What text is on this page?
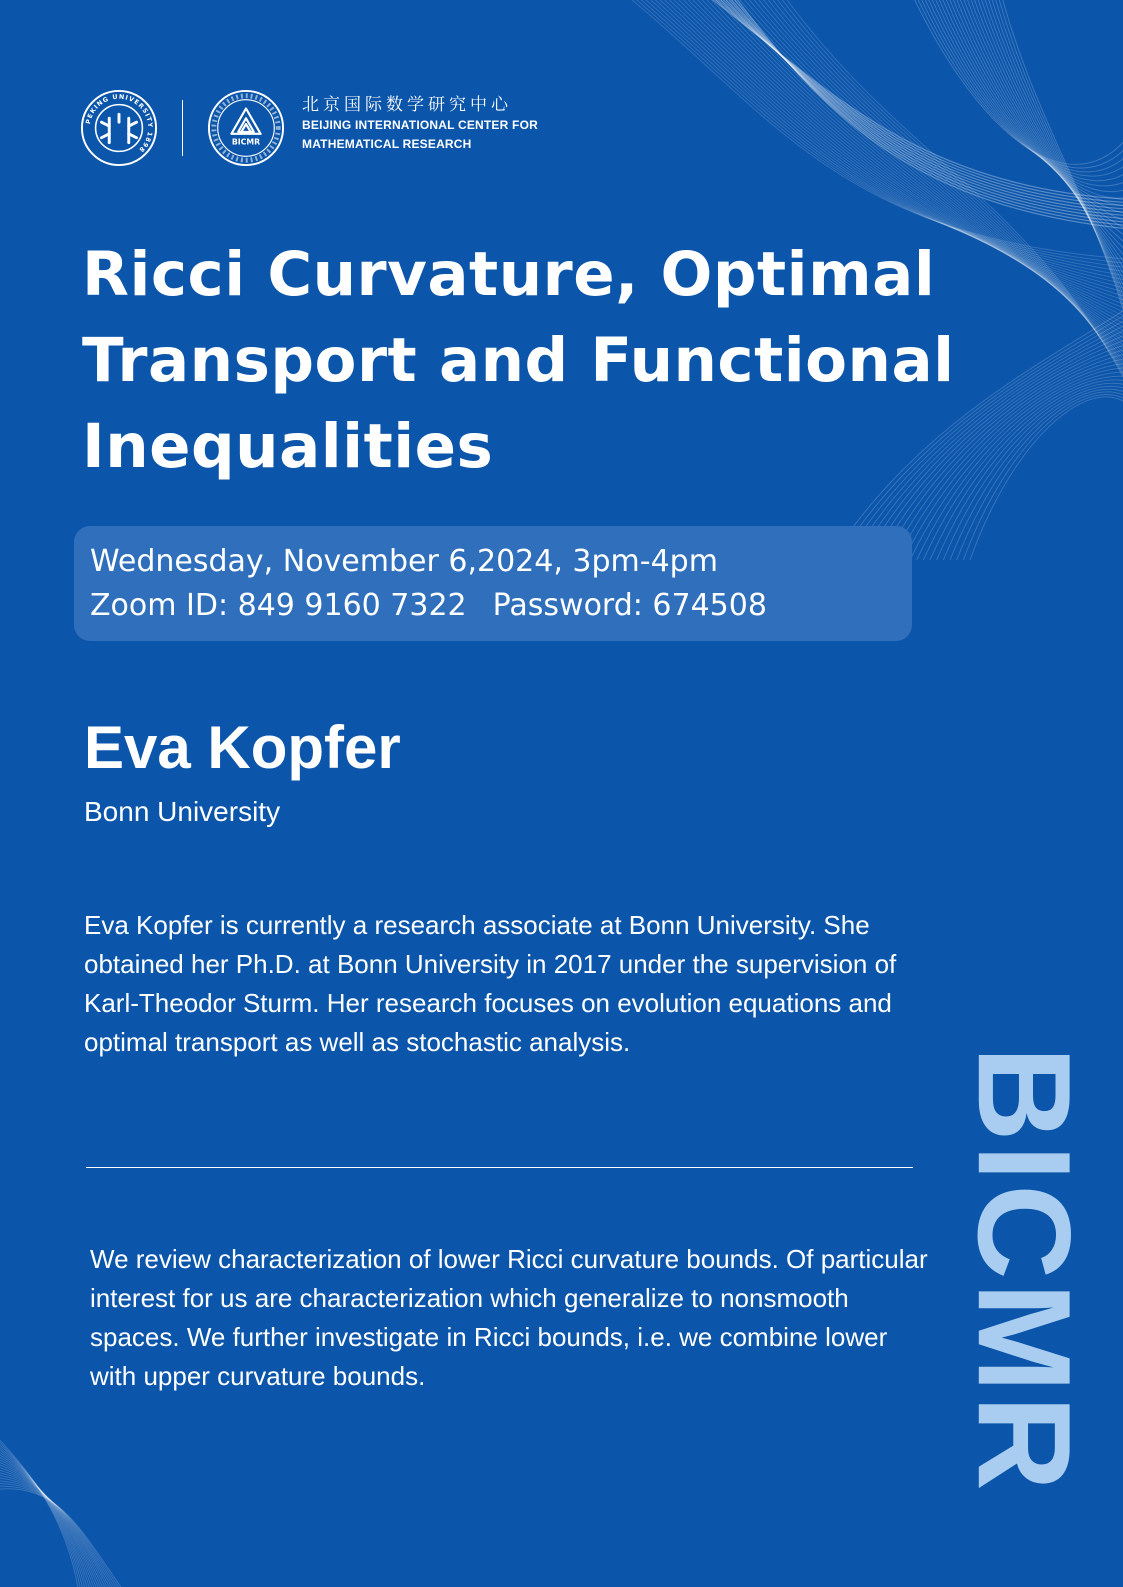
PEKING UNIVERSITY 1898
BICMR
北京国际数学研究中心
BEIJING INTERNATIONAL CENTER FOR
MATHEMATICAL RESEARCH
Ricci Curvature, Optimal
Transport and Functional
Inequalities
Wednesday, November 6,2024, 3pm-4pm
Zoom ID: 849 9160 7322 Password: 674508
Eva Kopfer
Bonn University

Eva Kopfer is currently a research associate at Bonn University. She obtained her Ph.D. at Bonn University in 2017 under the supervision of Karl-Theodor Sturm. Her research focuses on evolution equations and optimal transport as well as stochastic analysis.

We review characterization of lower Ricci curvature bounds. Of particular interest for us are characterization which generalize to nonsmooth spaces. We further investigate in Ricci bounds, i.e. we combine lower with upper curvature bounds.	BICMR
